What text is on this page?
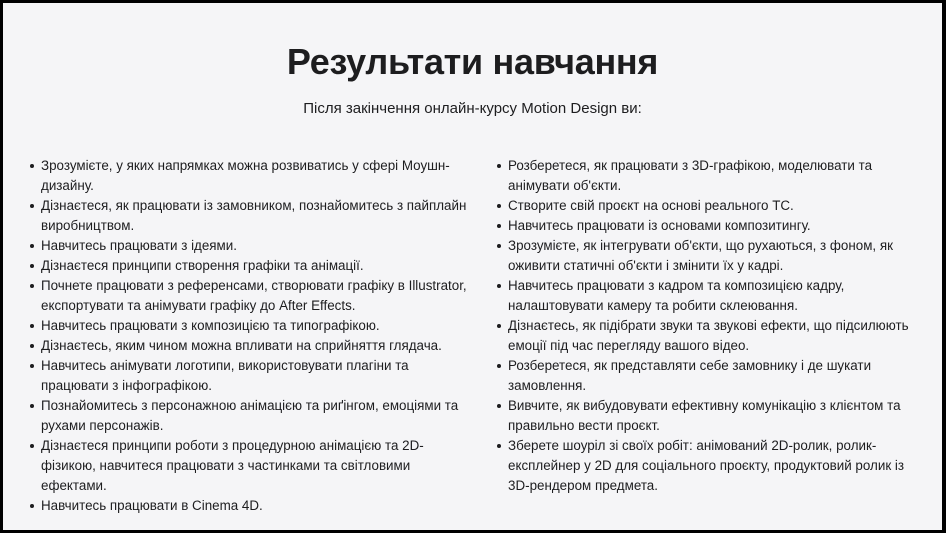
Результати навчання

Після закінчення онлайн-курсу Motion Design ви:

Зрозумієте, у яких напрямках можна розвиватись у сфері Моушн-дизайну.
Дізнаєтеся, як працювати із замовником, познайомитесь з пайплайн виробництвом.
Навчитесь працювати з ідеями.
Дізнаєтеся принципи створення графіки та анімації.
Почнете працювати з референсами, створювати графіку в Illustrator, експортувати та анімувати графіку до After Effects.
Навчитесь працювати з композицією та типографікою.
Дізнаєтесь, яким чином можна впливати на сприйняття глядача.
Навчитесь анімувати логотипи, використовувати плагіни та працювати з інфографікою.
Познайомитесь з персонажною анімацією та риґінгом, емоціями та рухами персонажів.
Дізнаєтеся принципи роботи з процедурною анімацією та 2D-фізикою, навчитеся працювати з частинками та світловими ефектами.
Навчитесь працювати в Cinema 4D.
Розберетеся, як працювати з 3D-графікою, моделювати та анімувати об'єкти.
Створите свій проєкт на основі реального ТС.
Навчитесь працювати із основами композитингу.
Зрозумієте, як інтегрувати об'єкти, що рухаються, з фоном, як оживити статичні об'єкти і змінити їх у кадрі.
Навчитесь працювати з кадром та композицією кадру, налаштовувати камеру та робити склеювання.
Дізнаєтесь, як підібрати звуки та звукові ефекти, що підсилюють емоції під час перегляду вашого відео.
Розберетеся, як представляти себе замовнику і де шукати замовлення.
Вивчите, як вибудовувати ефективну комунікацію з клієнтом та правильно вести проєкт.
Зберете шоуріл зі своїх робіт: анімований 2D-ролик, ролик-експлейнер у 2D для соціального проєкту, продуктовий ролик із 3D-рендером предмета.
